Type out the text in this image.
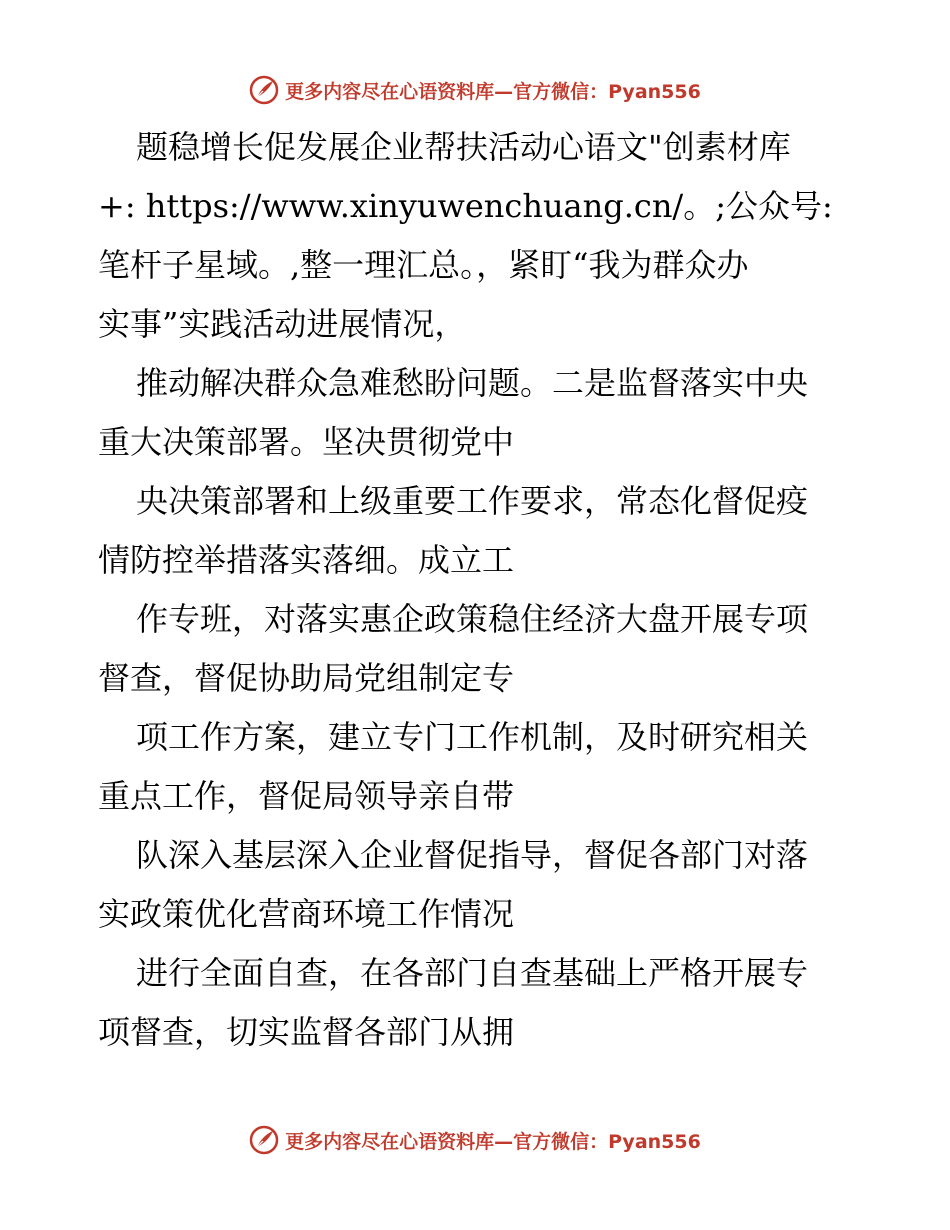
更多内容尽在心语资料库—官方微信：Pyan556
题稳增长促发展企业帮扶活动心语文"创素材库
+: https://www.xinyuwenchuang.cn/。;公众号:
笔杆子星域。,整一理汇总。，紧盯“我为群众办
实事”实践活动进展情况，
推动解决群众急难愁盼问题。二是监督落实中央
重大决策部署。坚决贯彻党中
央决策部署和上级重要工作要求，常态化督促疫
情防控举措落实落细。成立工
作专班，对落实惠企政策稳住经济大盘开展专项
督查，督促协助局党组制定专
项工作方案，建立专门工作机制，及时研究相关
重点工作，督促局领导亲自带
队深入基层深入企业督促指导，督促各部门对落
实政策优化营商环境工作情况
进行全面自查，在各部门自查基础上严格开展专
项督查，切实监督各部门从拥
更多内容尽在心语资料库—官方微信：Pyan556
